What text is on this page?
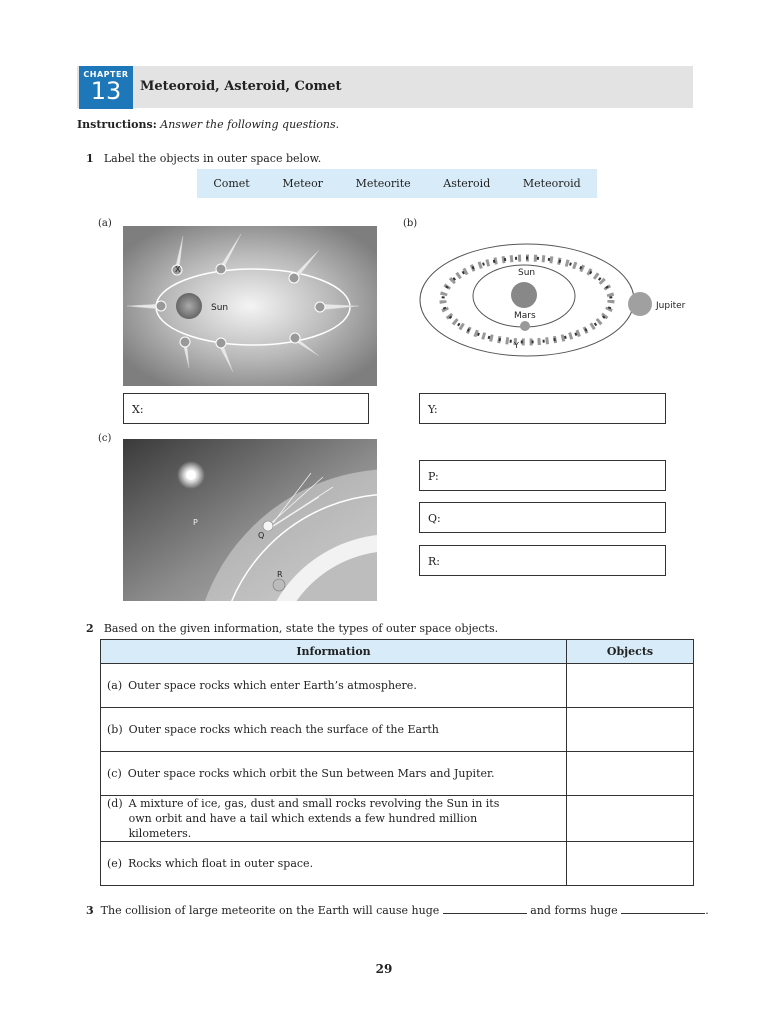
CHAPTER
13	Meteoroid, Asteroid, Comet
Instructions: Answer the following questions.
1 Label the objects in outer space below.
Comet	Meteor	Meteorite	Asteroid	Meteoroid
(a)
Sun
X
X:
(b)
Sun
Mars
Jupiter
Y
Y:
(c)
P
Q
R
P:
Q:
R:
2 Based on the given information, state the types of outer space objects.
Information	Objects

(a) Outer space rocks which enter Earth’s atmosphere.	

(b) Outer space rocks which reach the surface of the Earth	

(c) Outer space rocks which orbit the Sun between Mars and Jupiter.	

(d) A mixture of ice, gas, dust and small rocks revolving the Sun in its own orbit and have a tail which extends a few hundred million kilometers.	

(e) Rocks which float in outer space.	

3 The collision of large meteorite on the Earth will cause huge	and forms huge	.
29
